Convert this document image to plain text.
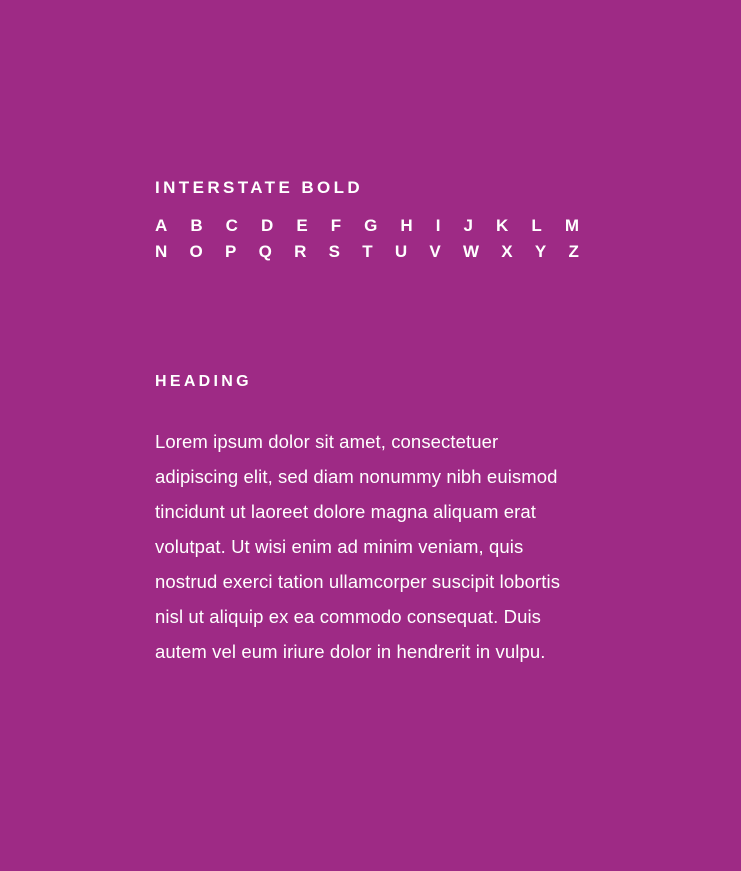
INTERSTATE BOLD
A B C D E F G H I J K L M
N O P Q R S T U V W X Y Z
HEADING
Lorem ipsum dolor sit amet, consectetuer adipiscing elit, sed diam nonummy nibh euismod tincidunt ut laoreet dolore magna aliquam erat volutpat. Ut wisi enim ad minim veniam, quis nostrud exerci tation ullamcorper suscipit lobortis nisl ut aliquip ex ea commodo consequat. Duis autem vel eum iriure dolor in hendrerit in vulpu.
